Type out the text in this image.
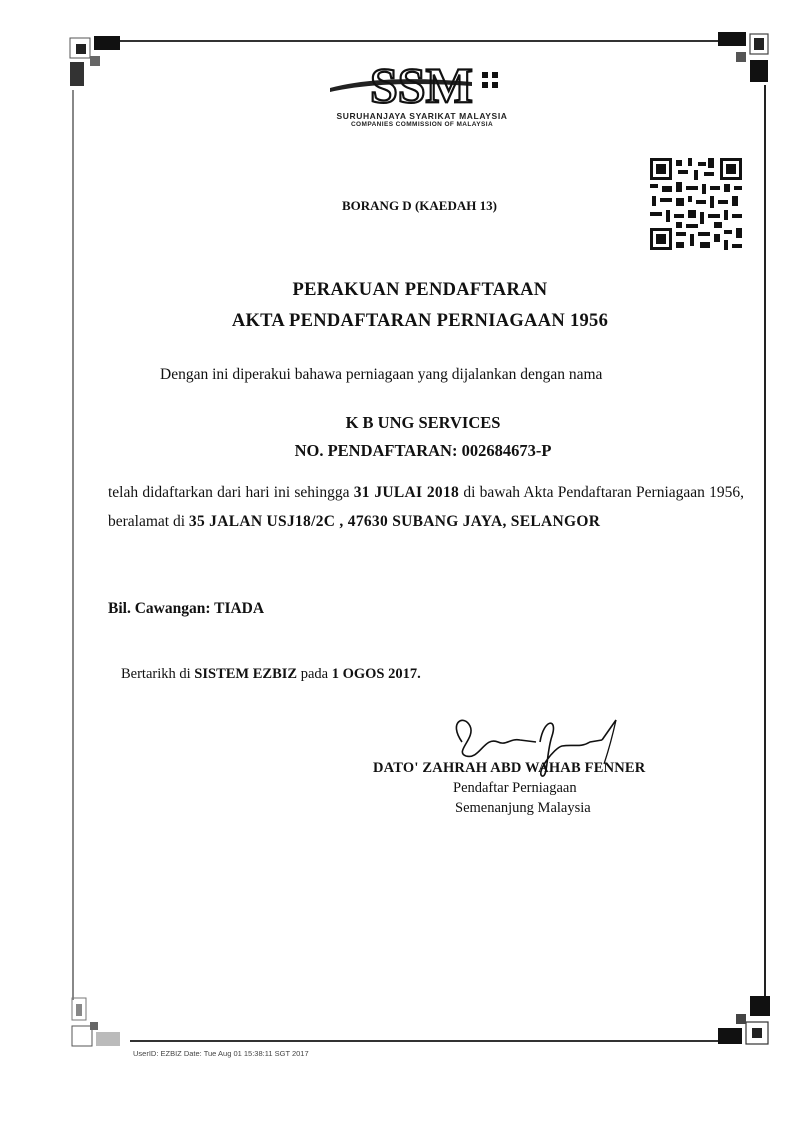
SSM
SURUHANJAYA SYARIKAT MALAYSIA
COMPANIES COMMISSION OF MALAYSIA
BORANG D (KAEDAH 13)
PERAKUAN PENDAFTARAN
AKTA PENDAFTARAN PERNIAGAAN 1956
Dengan ini diperakui bahawa perniagaan yang dijalankan dengan nama
K B UNG SERVICES
NO. PENDAFTARAN: 002684673-P
telah didaftarkan dari hari ini sehingga 31 JULAI 2018 di bawah Akta Pendaftaran Perniagaan 1956, beralamat di 35 JALAN USJ18/2C , 47630 SUBANG JAYA, SELANGOR
Bil. Cawangan: TIADA
Bertarikh di SISTEM EZBIZ pada 1 OGOS 2017.
DATO' ZAHRAH ABD WAHAB FENNER
Pendaftar Perniagaan
Semenanjung Malaysia
UserID: EZBIZ Date: Tue Aug 01 15:38:11 SGT 2017
